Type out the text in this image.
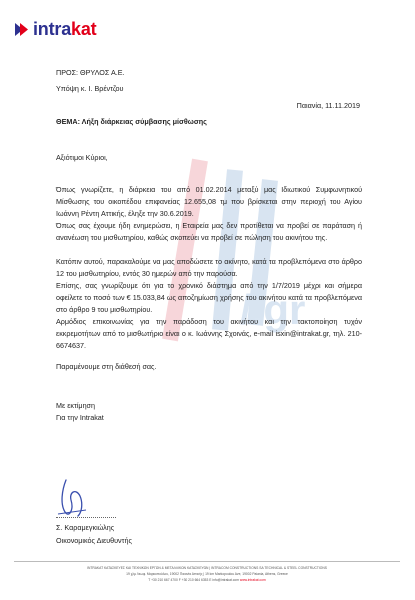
/.gr
intrakat
ΠΡΟΣ: ΘΡΥΛΟΣ Α.Ε.
Υπόψη κ. Ι. Βρέντζου
Παιανία, 11.11.2019
ΘΕΜΑ: Λήξη διάρκειας σύμβασης μίσθωσης
Αξιότιμοι Κύριοι,
Όπως γνωρίζετε, η διάρκεια του από 01.02.2014 μεταξύ μας Ιδιωτικού Συμφωνητικού Μίσθωσης του οικοπέδου επιφανείας 12.655,08 τμ που βρίσκεται στην περιοχή του Αγίου Ιωάννη Ρέντη Αττικής, έληξε την 30.6.2019.
Όπως σας έχουμε ήδη ενημερώσει, η Εταιρεία μας δεν προτίθεται να προβεί σε παράταση ή ανανέωση του μισθωτηρίου, καθώς σκοπεύει να προβεί σε πώληση του ακινήτου της.
Κατόπιν αυτού, παρακαλούμε να μας αποδώσετε το ακίνητο, κατά τα προβλεπόμενα στο άρθρο 12 του μισθωτηρίου, εντός 30 ημερών από την παρούσα.
Επίσης, σας γνωρίζουμε ότι για το χρονικό διάστημα από την 1/7/2019 μέχρι και σήμερα οφείλετε το ποσό των € 15.033,84 ως αποζημίωση χρήσης του ακινήτου κατά τα προβλεπόμενα στο άρθρο 9 του μισθωτηρίου.
Αρμόδιος επικοινωνίας για την παράδοση του ακινήτου και την τακτοποίηση τυχόν εκκρεμοτήτων από το μισθωτήριο είναι ο κ. Ιωάννης Σχοινάς, e-mail isxin@intrakat.gr, τηλ. 210-6674637.
Παραμένουμε στη διάθεσή σας.
Με εκτίμηση
Για την Intrakat
Σ. Καραμεγκιώλης
Οικονομικός Διευθυντής
INTRAKAT ΚΑΤΑΣΚΕΥΕΣ ΚΑΙ ΤΕΧΝΙΚΩΝ ΕΡΓΩΝ & ΜΕΤΑΛΛΙΚΩΝ ΚΑΤΑΣΚΕΥΩΝ | INTRACOM CONSTRUCTIONS SA TECHNICAL & STEEL CONSTRUCTIONS
19 χλμ Λεωφ. Μαρκοπούλου, 19002 Παιανία Αττικής | 19 km Markopoulou Ave, 19002 Paiania, Athens, Greece
T +30 210 667 4700 F +30 210 664 6353 E info@intrakat.com www.intrakat.com
